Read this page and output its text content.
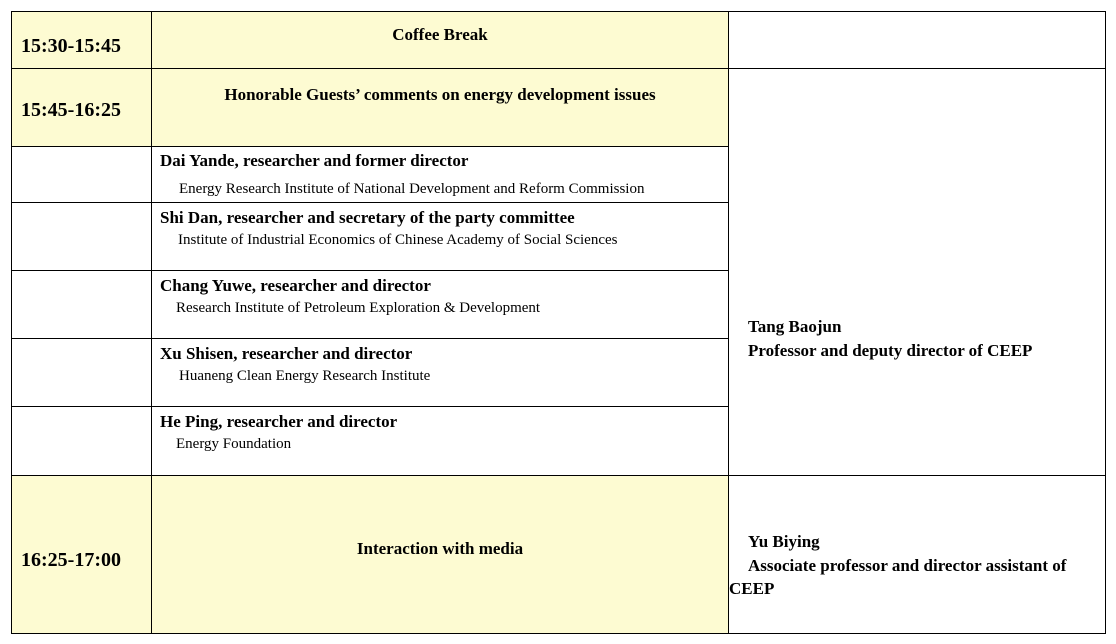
15:30-15:45	Coffee Break	

15:45-16:25	Honorable Guests’ comments on energy development issues	Tang Baojun
Professor and deputy director of CEEP

	Dai Yande, researcher and former director
Energy Research Institute of National Development and Reform Commission	

	Shi Dan, researcher and secretary of the party committee
Institute of Industrial Economics of Chinese Academy of Social Sciences	

	Chang Yuwe, researcher and director
Research Institute of Petroleum Exploration & Development	

	Xu Shisen, researcher and director
Huaneng Clean Energy Research Institute	

	He Ping, researcher and director
Energy Foundation	

16:25-17:00	Interaction with media	Yu Biying
Associate professor and director assistant of
CEEP
